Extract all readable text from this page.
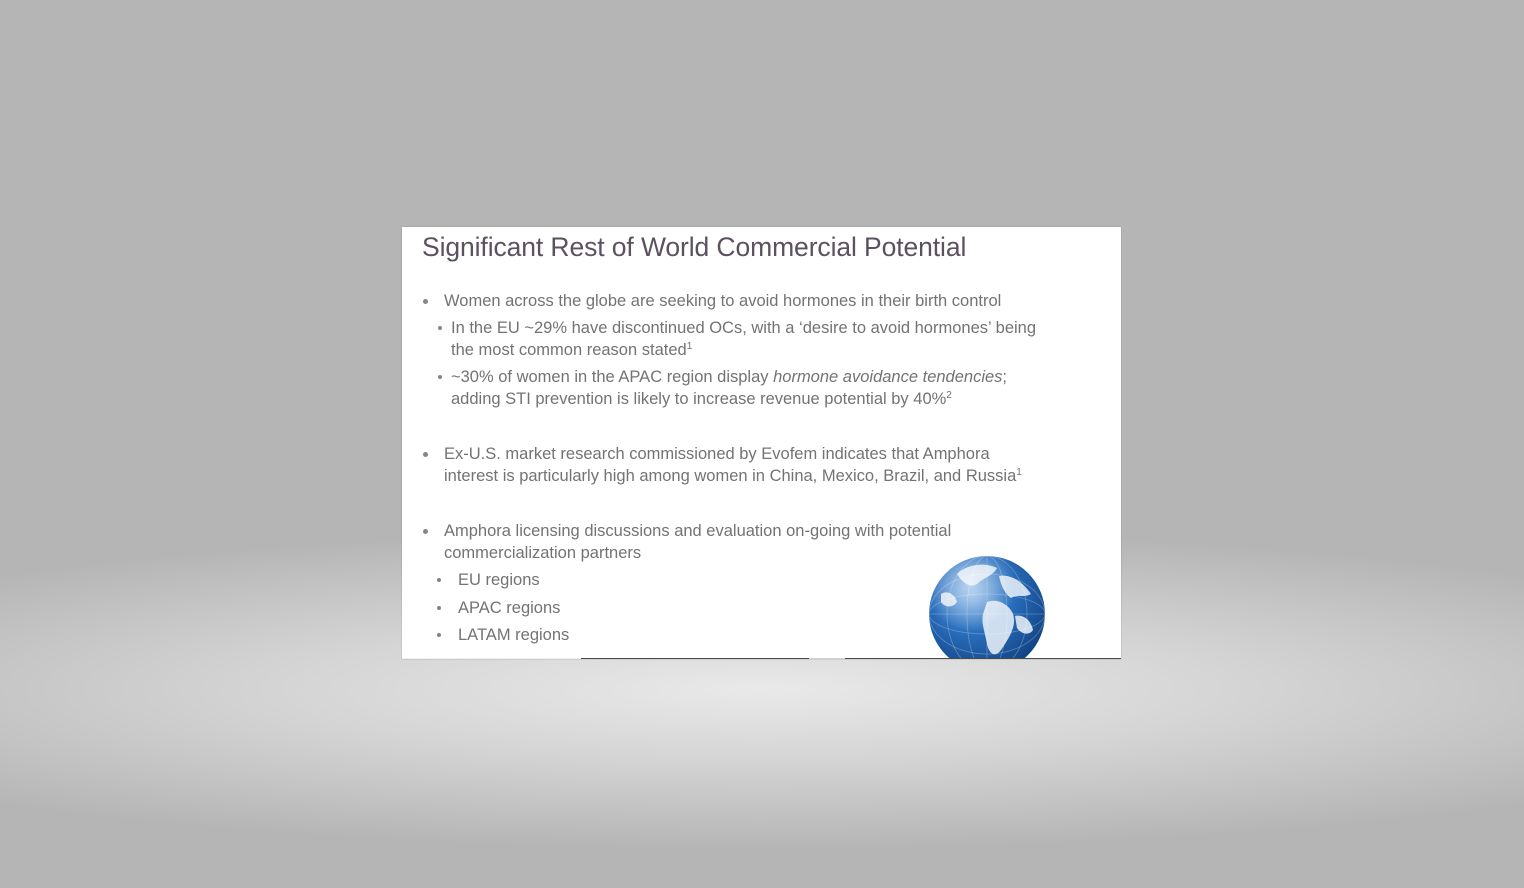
Significant Rest of World Commercial Potential
Women across the globe are seeking to avoid hormones in their birth control
In the EU ~29% have discontinued OCs, with a ‘desire to avoid hormones’ being
the most common reason stated$^1$
~30% of women in the APAC region display hormone avoidance tendencies;
adding STI prevention is likely to increase revenue potential by 40%$^2$
Ex-U.S. market research commissioned by Evofem indicates that Amphora
interest is particularly high among women in China, Mexico, Brazil, and Russia$^1$
Amphora licensing discussions and evaluation on-going with potential
commercialization partners
EU regions
APAC regions
LATAM regions
